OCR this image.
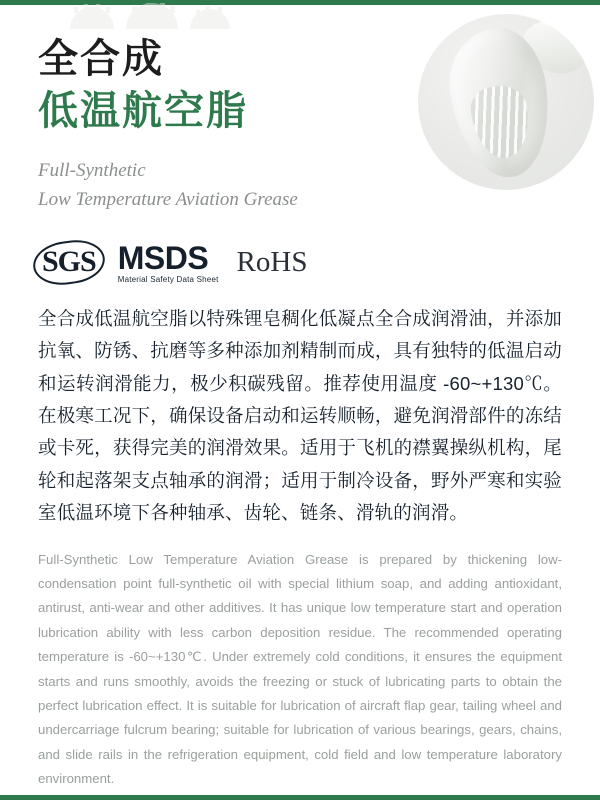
全合成
低温航空脂

Full-Synthetic
Low Temperature Aviation Grease

SGS MSDS
Material Safety Data Sheet
RoHS

全合成低温航空脂以特殊锂皂稠化低凝点全合成润滑油，并添加抗氧、防锈、抗磨等多种添加剂精制而成，具有独特的低温启动和运转润滑能力，极少积碳残留。推荐使用温度 -60~+130℃。在极寒工况下，确保设备启动和运转顺畅，避免润滑部件的冻结或卡死，获得完美的润滑效果。适用于飞机的襟翼操纵机构，尾轮和起落架支点轴承的润滑；适用于制冷设备，野外严寒和实验室低温环境下各种轴承、齿轮、链条、滑轨的润滑。

Full-Synthetic Low Temperature Aviation Grease is prepared by thickening low-condensation point full-synthetic oil with special lithium soap, and adding antioxidant, antirust, anti-wear and other additives. It has unique low temperature start and operation lubrication ability with less carbon deposition residue. The recommended operating temperature is -60~+130℃. Under extremely cold conditions, it ensures the equipment starts and runs smoothly, avoids the freezing or stuck of lubricating parts to obtain the perfect lubrication effect. It is suitable for lubrication of aircraft flap gear, tailing wheel and undercarriage fulcrum bearing; suitable for lubrication of various bearings, gears, chains, and slide rails in the refrigeration equipment, cold field and low temperature laboratory environment.
